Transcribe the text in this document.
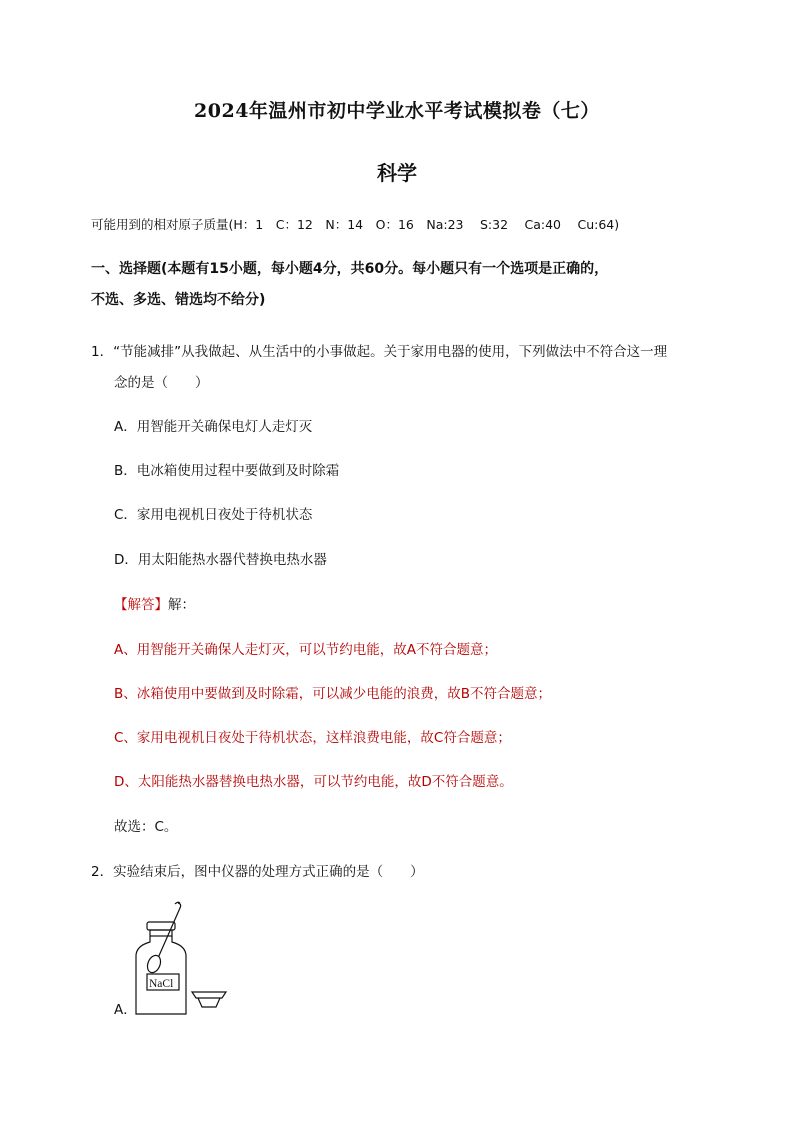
2024年温州市初中学业水平考试模拟卷（七）
科学
可能用到的相对原子质量(H：1　C：12　N：14　O：16　Na:23　 S:32　 Ca:40　 Cu:64)
一、选择题(本题有15小题，每小题4分，共60分。每小题只有一个选项是正确的，
不选、多选、错选均不给分)
1．“节能减排”从我做起、从生活中的小事做起。关于家用电器的使用，下列做法中不符合这一理
念的是（　　）
A．用智能开关确保电灯人走灯灭
B．电冰箱使用过程中要做到及时除霜
C．家用电视机日夜处于待机状态
D．用太阳能热水器代替换电热水器
【解答】解：
A、用智能开关确保人走灯灭，可以节约电能，故A不符合题意；
B、冰箱使用中要做到及时除霜，可以减少电能的浪费，故B不符合题意；
C、家用电视机日夜处于待机状态，这样浪费电能，故C符合题意；
D、太阳能热水器替换电热水器，可以节约电能，故D不符合题意。
故选：C。
2．实验结束后，图中仪器的处理方式正确的是（　　）
A．
NaCl
